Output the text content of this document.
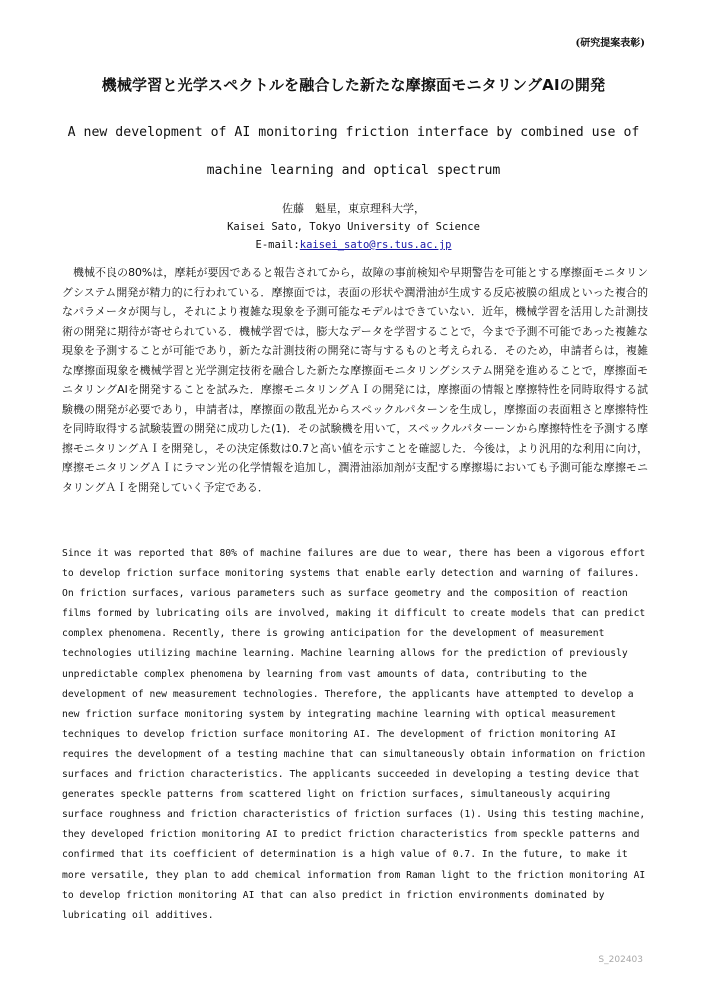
(研究提案表彰)
機械学習と光学スペクトルを融合した新たな摩擦面モニタリングAIの開発
A new development of AI monitoring friction interface by combined use of machine learning and optical spectrum
佐藤　魁星，東京理科大学，
Kaisei Sato, Tokyo University of Science
E-mail:kaisei_sato@rs.tus.ac.jp

機械不良の80%は，摩耗が要因であると報告されてから，故障の事前検知や早期警告を可能とする摩擦面モニタリングシステム開発が精力的に行われている．摩擦面では，表面の形状や潤滑油が生成する反応被膜の組成といった複合的なパラメータが関与し，それにより複雑な現象を予測可能なモデルはできていない．近年，機械学習を活用した計測技術の開発に期待が寄せられている．機械学習では，膨大なデータを学習することで，今まで予測不可能であった複雑な現象を予測することが可能であり，新たな計測技術の開発に寄与するものと考えられる．そのため，申請者らは，複雑な摩擦面現象を機械学習と光学測定技術を融合した新たな摩擦面モニタリングシステム開発を進めることで，摩擦面モニタリングAIを開発することを試みた．摩擦モニタリングＡＩの開発には，摩擦面の情報と摩擦特性を同時取得する試験機の開発が必要であり，申請者は，摩擦面の散乱光からスペックルパターンを生成し，摩擦面の表面粗さと摩擦特性を同時取得する試験装置の開発に成功した(1)．その試験機を用いて，スペックルパターーンから摩擦特性を予測する摩擦モニタリングＡＩを開発し，その決定係数は0.7と高い値を示すことを確認した．今後は，より汎用的な利用に向け，摩擦モニタリングＡＩにラマン光の化学情報を追加し，潤滑油添加剤が支配する摩擦場においても予測可能な摩擦モニタリングＡＩを開発していく予定である．

Since it was reported that 80% of machine failures are due to wear, there has been a vigorous effort to develop friction surface monitoring systems that enable early detection and warning of failures. On friction surfaces, various parameters such as surface geometry and the composition of reaction films formed by lubricating oils are involved, making it difficult to create models that can predict complex phenomena. Recently, there is growing anticipation for the development of measurement technologies utilizing machine learning. Machine learning allows for the prediction of previously unpredictable complex phenomena by learning from vast amounts of data, contributing to the development of new measurement technologies. Therefore, the applicants have attempted to develop a new friction surface monitoring system by integrating machine learning with optical measurement techniques to develop friction surface monitoring AI. The development of friction monitoring AI requires the development of a testing machine that can simultaneously obtain information on friction surfaces and friction characteristics. The applicants succeeded in developing a testing device that generates speckle patterns from scattered light on friction surfaces, simultaneously acquiring surface roughness and friction characteristics of friction surfaces (1). Using this testing machine, they developed friction monitoring AI to predict friction characteristics from speckle patterns and confirmed that its coefficient of determination is a high value of 0.7. In the future, to make it more versatile, they plan to add chemical information from Raman light to the friction monitoring AI to develop friction monitoring AI that can also predict in friction environments dominated by lubricating oil additives.

S_202403
